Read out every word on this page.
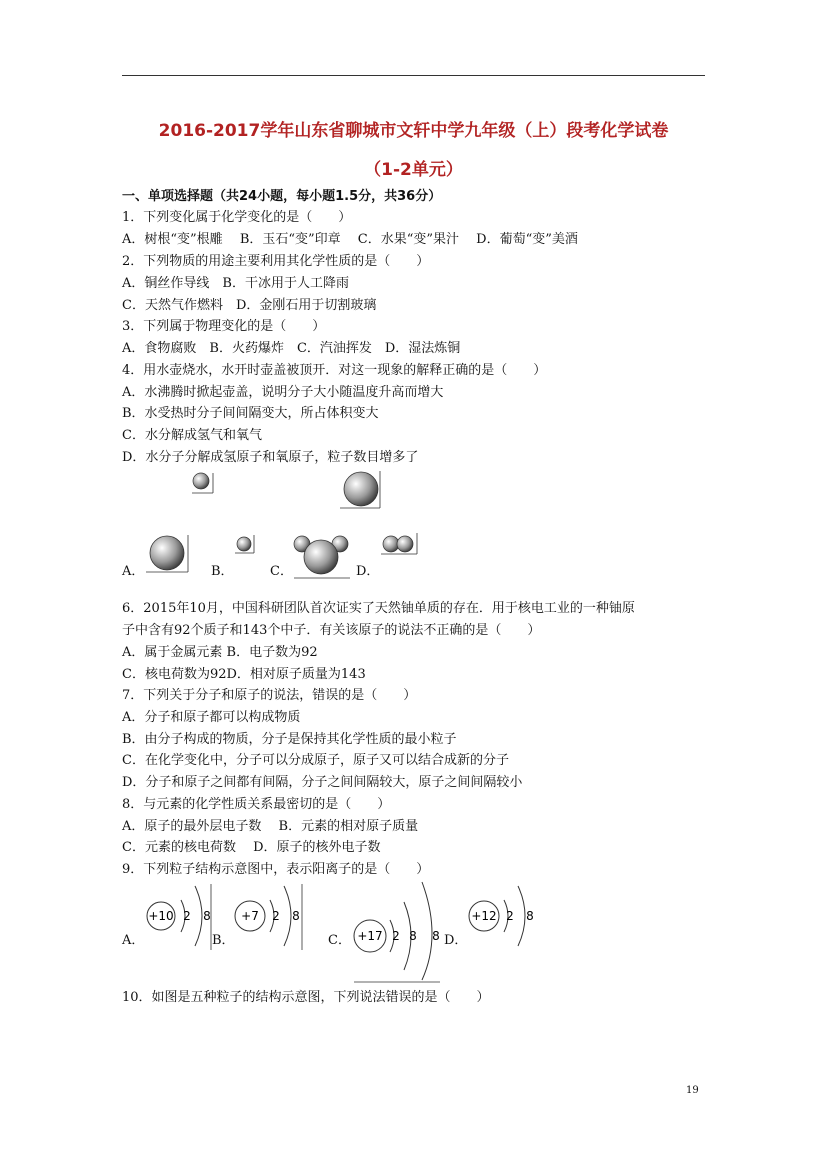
2016-2017学年山东省聊城市文轩中学九年级（上）段考化学试卷
（1-2单元）
一、单项选择题（共24小题，每小题1.5分，共36分）
1．下列变化属于化学变化的是（　　）
A．树根“变”根雕　 B．玉石“变”印章　 C．水果“变”果汁　 D．葡萄“变”美酒
2．下列物质的用途主要利用其化学性质的是（　　）
A．铜丝作导线　B．干冰用于人工降雨
C．天然气作燃料　D．金刚石用于切割玻璃
3．下列属于物理变化的是（　　）
A．食物腐败　B．火药爆炸　C．汽油挥发　D．湿法炼铜
4．用水壶烧水，水开时壶盖被顶开．对这一现象的解释正确的是（　　）
A．水沸腾时掀起壶盖，说明分子大小随温度升高而增大
B．水受热时分子间间隔变大，所占体积变大
C．水分解成氢气和氧气
D．水分子分解成氢原子和氧原子，粒子数目增多了
A．	B．	C．	D．
6．2015年10月，中国科研团队首次证实了天然铀单质的存在．用于核电工业的一种铀原
子中含有92个质子和143个中子．有关该原子的说法不正确的是（　　）
A．属于金属元素 B．电子数为92
C．核电荷数为92D．相对原子质量为143
7．下列关于分子和原子的说法，错误的是（　　）
A．分子和原子都可以构成物质
B．由分子构成的物质，分子是保持其化学性质的最小粒子
C．在化学变化中，分子可以分成原子，原子又可以结合成新的分子
D．分子和原子之间都有间隔，分子之间间隔较大，原子之间间隔较小
8．与元素的化学性质关系最密切的是（　　）
A．原子的最外层电子数　 B．元素的相对原子质量
C．元素的核电荷数　 D．原子的核外电子数
9．下列粒子结构示意图中，表示阳离子的是（　　）
A．
+10 2 8
B．
+7 2 8
C． +17 2 8 8 D．
+12 2 8
10．如图是五种粒子的结构示意图，下列说法错误的是（　　）
19
